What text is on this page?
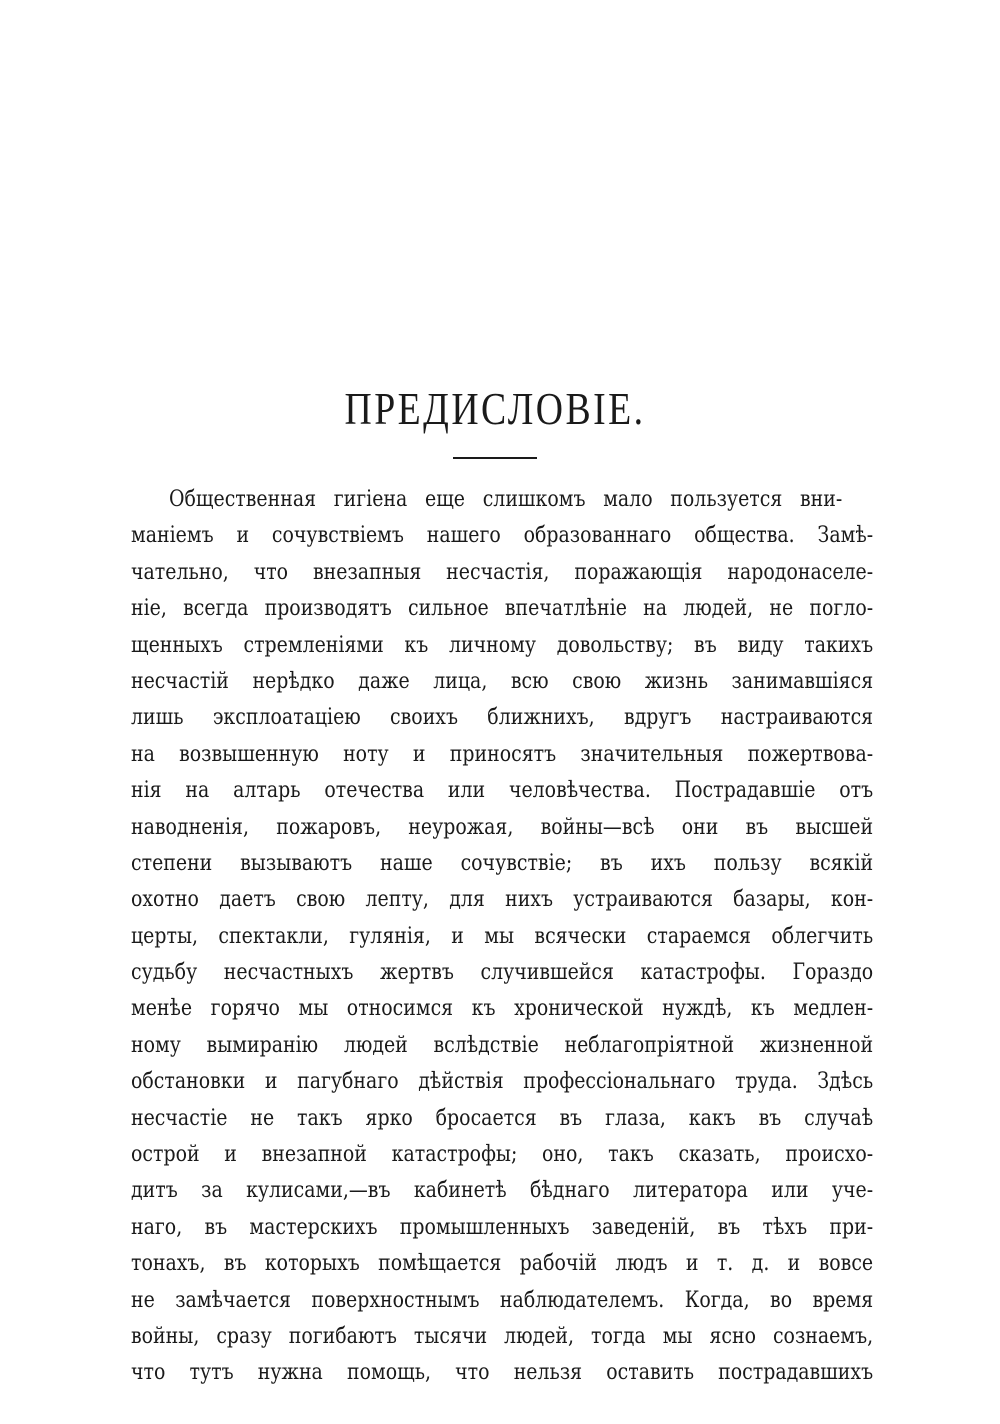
ПРЕДИСЛОВІЕ.
Общественная гигіена еще слишкомъ мало пользуется вни-
маніемъ и сочувствіемъ нашего образованнаго общества. Замѣ-
чательно, что внезапныя несчастія, поражающія народонаселе-
ніе, всегда производятъ сильное впечатлѣніе на людей, не погло-
щенныхъ стремленіями къ личному довольству; въ виду такихъ
несчастій нерѣдко даже лица, всю свою жизнь занимавшіяся
лишь эксплоатаціею своихъ ближнихъ, вдругъ настраиваются
на возвышенную ноту и приносятъ значительныя пожертвова-
нія на алтарь отечества или человѣчества. Пострадавшіе отъ
наводненія, пожаровъ, неурожая, войны—всѣ они въ высшей
степени вызываютъ наше сочувствіе; въ ихъ пользу всякій
охотно даетъ свою лепту, для нихъ устраиваются базары, кон-
церты, спектакли, гулянія, и мы всячески стараемся облегчить
судьбу несчастныхъ жертвъ случившейся катастрофы. Гораздо
менѣе горячо мы относимся къ хронической нуждѣ, къ медлен-
ному вымиранію людей вслѣдствіе неблагопріятной жизненной
обстановки и пагубнаго дѣйствія профессіональнаго труда. Здѣсь
несчастіе не такъ ярко бросается въ глаза, какъ въ случаѣ
острой и внезапной катастрофы; оно, такъ сказать, происхо-
дитъ за кулисами,—въ кабинетѣ бѣднаго литератора или уче-
наго, въ мастерскихъ промышленныхъ заведеній, въ тѣхъ при-
тонахъ, въ которыхъ помѣщается рабочій людъ и т. д. и вовсе
не замѣчается поверхностнымъ наблюдателемъ. Когда, во время
войны, сразу погибаютъ тысячи людей, тогда мы ясно сознаемъ,
что тутъ нужна помощь, что нельзя оставить пострадавшихъ
